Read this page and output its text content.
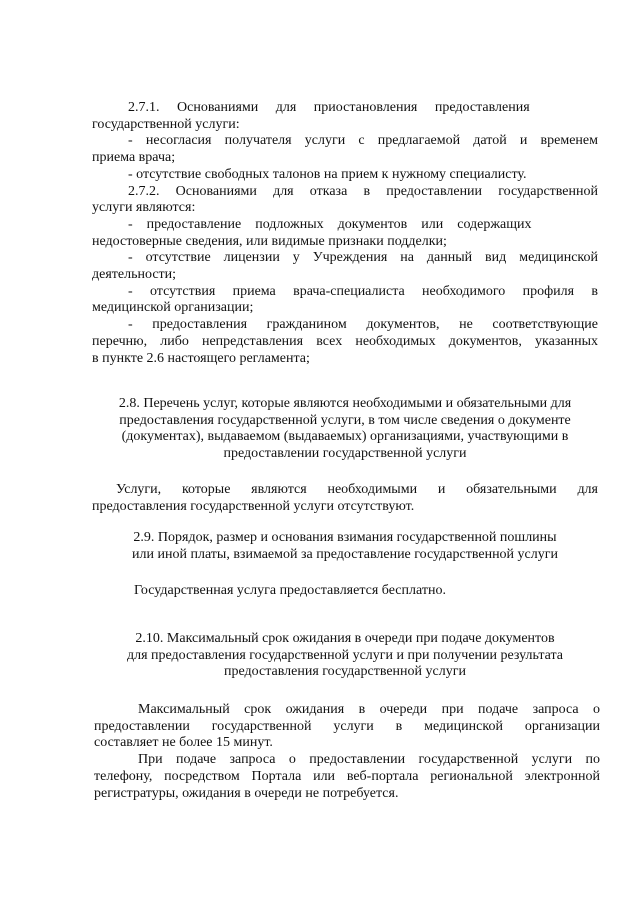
2.7.1.     Основаниями     для     приостановления     предоставления
государственной услуги:
- несогласия получателя услуги с предлагаемой датой и временем
приема врача;
- отсутствие свободных талонов на прием к нужному специалисту.
2.7.2. Основаниями для отказа в предоставлении государственной
услуги являются:
-    предоставление    подложных    документов    или    содержащих
недостоверные сведения, или видимые признаки подделки;
- отсутствие лицензии у Учреждения на данный вид медицинской
деятельности;
- отсутствия приема врача-специалиста необходимого профиля в
медицинской организации;
- предоставления гражданином документов, не соответствующие
перечню, либо непредставления всех необходимых документов, указанных
в пункте 2.6 настоящего регламента;
2.8. Перечень услуг, которые являются необходимыми и обязательными для
предоставления государственной услуги, в том числе сведения о документе
(документах), выдаваемом (выдаваемых) организациями, участвующими в
предоставлении государственной услуги
Услуги, которые являются необходимыми и обязательными для
предоставления государственной услуги отсутствуют.
2.9. Порядок, размер и основания взимания государственной пошлины
или иной платы, взимаемой за предоставление государственной услуги
Государственная услуга предоставляется бесплатно.
2.10. Максимальный срок ожидания в очереди при подаче документов
для предоставления государственной услуги и при получении результата
предоставления государственной услуги
Максимальный срок ожидания в очереди при подаче запроса о
предоставлении государственной услуги в медицинской организации
составляет не более 15 минут.
При подаче запроса о предоставлении государственной услуги по
телефону, посредством Портала или веб-портала региональной электронной
регистратуры, ожидания в очереди не потребуется.
